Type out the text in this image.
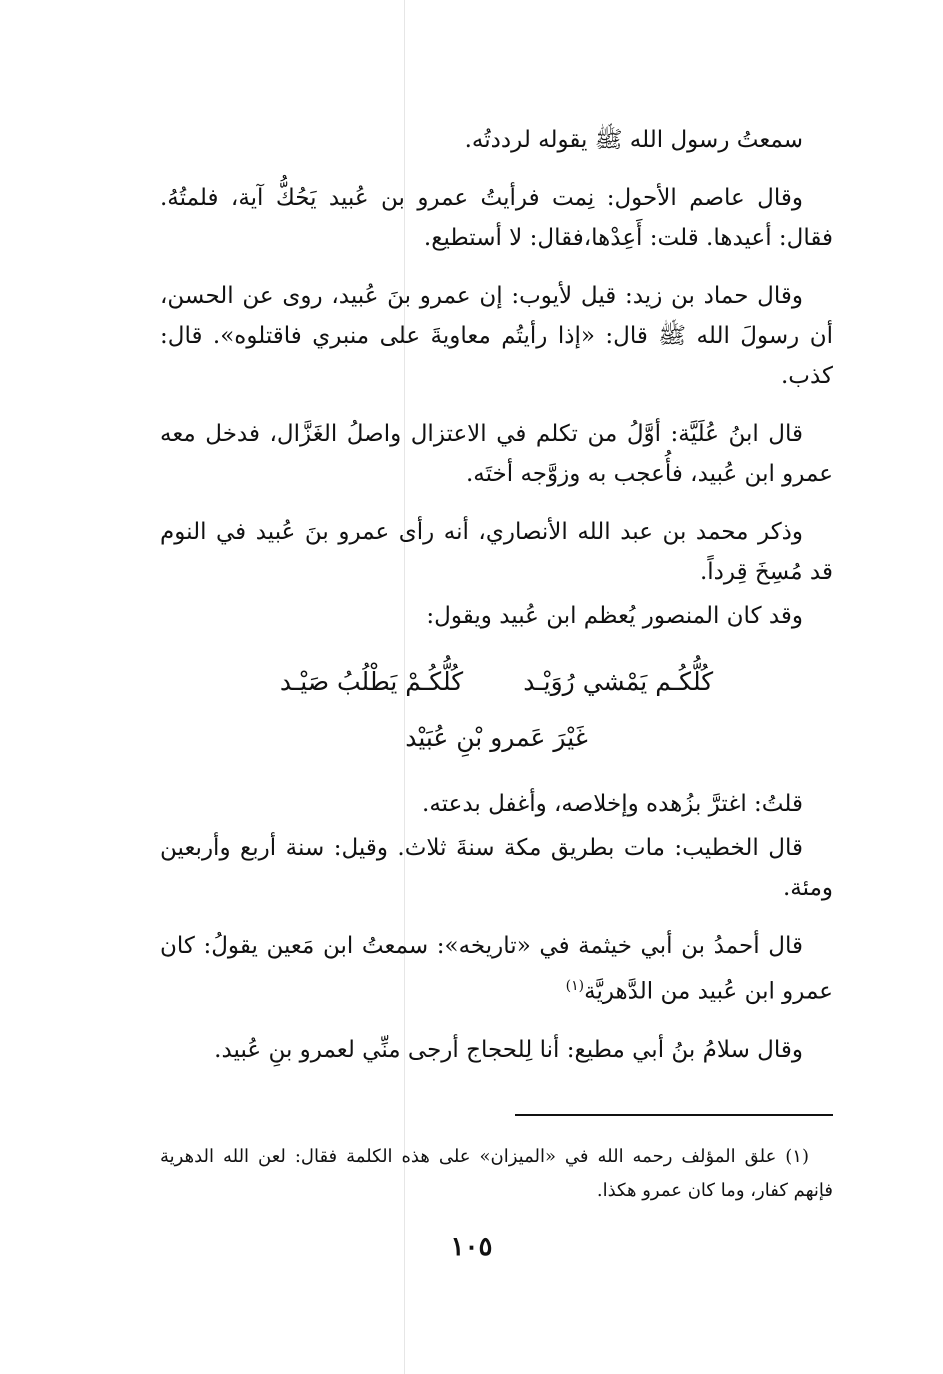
سمعتُ رسول الله ﷺ يقوله لرددتُه.

وقال عاصم الأحول: نِمت فرأيتُ عمرو بن عُبيد يَحُكُّ آية، فلمتُهُ. فقال: أعيدها. قلت: أَعِدْها،فقال: لا أستطيع.

وقال حماد بن زيد: قيل لأيوب: إن عمرو بنَ عُبيد، روى عن الحسن، أن رسولَ الله ﷺ قال: «إذا رأيتُم معاويةَ على منبري فاقتلوه». قال: كذب.

قال ابنُ عُلَيَّة: أوَّلُ من تكلم في الاعتزال واصلُ الغَزَّال، فدخل معه عمرو ابن عُبيد، فأُعجب به وزوَّجه أختَه.

وذكر محمد بن عبد الله الأنصاري، أنه رأى عمرو بنَ عُبيد في النوم قد مُسِخَ قِرداً.

وقد كان المنصور يُعظم ابن عُبيد ويقول:

كُلُّكُـم يَمْشي رُوَيْـد
كُلُّكُـمْ يَطْلُبُ صَيْـد
غَيْرَ عَمرو بْنِ عُبَيْد

قلتُ: اغترَّ بزُهده وإخلاصه، وأغفل بدعته.

قال الخطيب: مات بطريق مكة سنةَ ثلاث. وقيل: سنة أربع وأربعين ومئة.

قال أحمدُ بن أبي خيثمة في «تاريخه»: سمعتُ ابن مَعين يقولُ: كان عمرو ابن عُبيد من الدَّهريَّة$^{(١)}$

وقال سلامُ بنُ أبي مطيع: أنا لِلحجاج أرجى منِّي لعمرو بنِ عُبيد.

(١) علق المؤلف رحمه الله في «الميزان» على هذه الكلمة فقال: لعن الله الدهرية فإنهم كفار، وما كان عمرو هكذا.

١٠٥
